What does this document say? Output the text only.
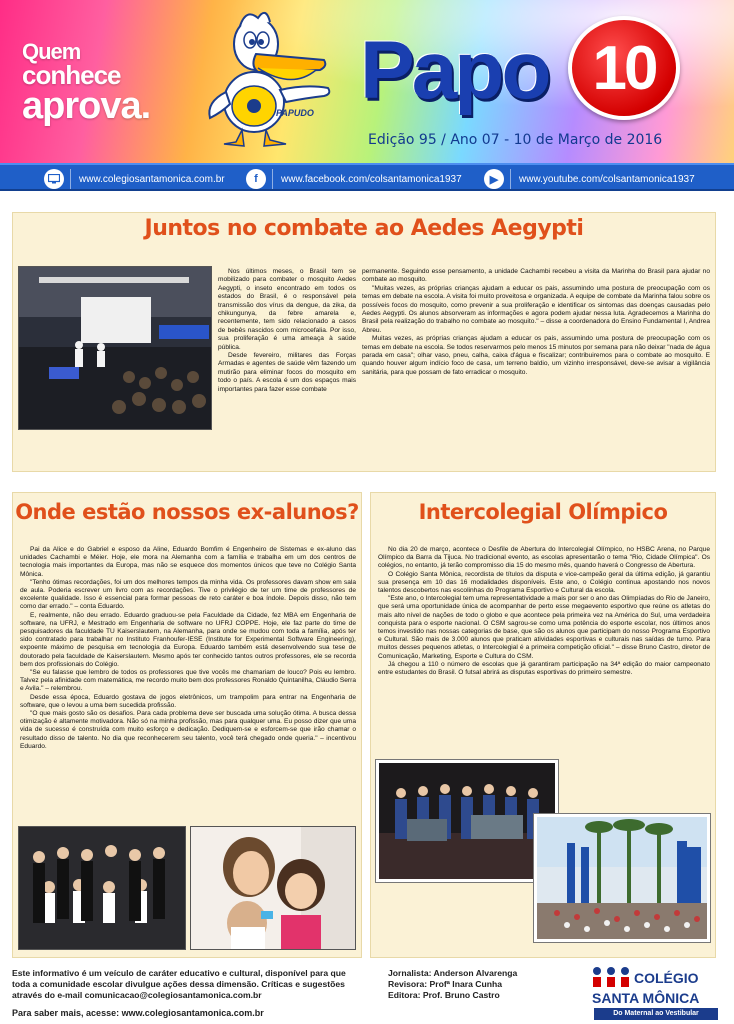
Quem
conhece
aprova.	PAPUDO Papo 10
Edição 95 / Ano 07 - 10 de Março de 2016
www.colegiosantamonica.com.br	f	www.facebook.com/colsantamonica1937	▶	www.youtube.com/colsantamonica1937
Juntos no combate ao Aedes Aegypti

Nos últimos meses, o Brasil tem se mobilizado para combater o mosquito Aedes Aegypti, o inseto encontrado em todos os estados do Brasil, é o responsável pela transmissão dos vírus da dengue, da zika, da chikungunya, da febre amarela e, recentemente, tem sido relacionado a casos de bebês nascidos com microcefalia. Por isso, sua proliferação é uma ameaça à saúde pública.

Desde fevereiro, militares das Forças Armadas e agentes de saúde vêm fazendo um mutirão para eliminar focos do mosquito em todo o país. A escola é um dos espaços mais importantes para fazer esse combate

permanente. Seguindo esse pensamento, a unidade Cachambi recebeu a visita da Marinha do Brasil para ajudar no combate ao mosquito.

"Muitas vezes, as próprias crianças ajudam a educar os pais, assumindo uma postura de preocupação com os temas em debate na escola. A visita foi muito proveitosa e organizada. A equipe de combate da Marinha falou sobre os possíveis focos do mosquito, como prevenir a sua proliferação e identificar os sintomas das doenças causadas pelo Aedes Aegypti. Os alunos absorveram as informações e agora podem ajudar nessa luta. Agradecemos a Marinha do Brasil pela realização do trabalho no combate ao mosquito." – disse a coordenadora do Ensino Fundamental I, Andrea Abreu.

Muitas vezes, as próprias crianças ajudam a educar os pais, assumindo uma postura de preocupação com os temas em debate na escola. Se todos reservarmos pelo menos 15 minutos por semana para não deixar "nada de água parada em casa"; olhar vaso, pneu, calha, caixa d'água e fiscalizar; contribuiremos para o combate ao mosquito. E quando houver algum indício foco de casa, um terreno baldio, um vizinho irresponsável, deve-se avisar a vigilância sanitária, para que possam de fato erradicar o mosquito.

Onde estão nossos ex-alunos?

Pai da Alice e do Gabriel e esposo da Aline, Eduardo Bomfim é Engenheiro de Sistemas e ex-aluno das unidades Cachambi e Méier. Hoje, ele mora na Alemanha com a família e trabalha em um dos centros de tecnologia mais importantes da Europa, mas não se esquece dos momentos únicos que teve no Colégio Santa Mônica.

"Tenho ótimas recordações, foi um dos melhores tempos da minha vida. Os professores davam show em sala de aula. Poderia escrever um livro com as recordações. Tive o privilégio de ter um time de professores de excelente qualidade. Isso é essencial para formar pessoas de reto caráter e boa índole. Depois disso, não tem como dar errado." – conta Eduardo.

E, realmente, não deu errado. Eduardo graduou-se pela Faculdade da Cidade, fez MBA em Engenharia de software, na UFRJ, e Mestrado em Engenharia de software no UFRJ COPPE. Hoje, ele faz parte do time de pesquisadores da faculdade TU Kaiserslautern, na Alemanha, para onde se mudou com toda a família, após ter sido contratado para trabalhar no Instituto Franhoufer-IESE (Institute for Experimental Software Engineering), expoente máximo de pesquisa em tecnologia da Europa. Eduardo também está desenvolvendo sua tese de doutorado pela faculdade de Kaiserslautern. Mesmo após ter conhecido tantos outros professores, ele se recorda bem dos profissionais do Colégio.

"Se eu falasse que lembro de todos os professores que tive vocês me chamariam de louco? Pois eu lembro. Talvez pela afinidade com matemática, me recordo muito bem dos professores Ronaldo Quintanilha, Cláudio Serra e Avila." – relembrou.

Desde essa época, Eduardo gostava de jogos eletrônicos, um trampolim para entrar na Engenharia de software, que o levou a uma bem sucedida profissão.

"O que mais gosto são os desafios. Para cada problema deve ser buscada uma solução ótima. A busca dessa otimização é altamente motivadora. Não só na minha profissão, mas para qualquer uma. Eu posso dizer que uma vida de sucesso é construída com muito esforço e dedicação. Dediquem-se e esforcem-se que irão chamar o resultado disso de talento. No dia que reconhecerem seu talento, você terá chegado onde queria." – incentivou Eduardo.

Intercolegial Olímpico

No dia 20 de março, acontece o Desfile de Abertura do Intercolegial Olímpico, no HSBC Arena, no Parque Olímpico da Barra da Tijuca. No tradicional evento, as escolas apresentarão o tema "Rio, Cidade Olímpica". Os colégios, no entanto, já terão compromisso dia 15 do mesmo mês, quando haverá o Congresso de Abertura.

O Colégio Santa Mônica, recordista de títulos da disputa e vice-campeão geral da última edição, já garantiu sua presença em 10 das 16 modalidades disponíveis. Este ano, o Colégio continua apostando nos novos talentos descobertos nas escolinhas do Programa Esportivo e Cultural da escola.

"Este ano, o Intercolegial tem uma representatividade a mais por ser o ano das Olimpíadas do Rio de Janeiro, que será uma oportunidade única de acompanhar de perto esse megaevento esportivo que reúne os atletas do mais alto nível de nações de todo o globo e que acontece pela primeira vez na América do Sul, uma verdadeira conquista para o esporte nacional. O CSM sagrou-se como uma potência do esporte escolar, nos últimos anos temos investido nas nossas categorias de base, que são os alunos que participam do nosso Programa Esportivo e Cultural. São mais de 3.000 alunos que praticam atividades esportivas e culturais nas saídas de turno. Para muitos desses pequenos atletas, o Intercolegial é a primeira competição oficial." – disse Bruno Castro, diretor de Comunicação, Marketing, Esporte e Cultura do CSM.

Já chegou a 110 o número de escolas que já garantiram participação na 34ª edição do maior campeonato entre estudantes do Brasil. O futsal abrirá as disputas esportivas do primeiro semestre.

Este informativo é um veículo de caráter educativo e cultural, disponível para que toda a comunidade escolar divulgue ações dessa dimensão. Críticas e sugestões através do e-mail comunicacao@colegiosantamonica.com.br
Para saber mais, acesse: www.colegiosantamonica.com.br
Jornalista: Anderson Alvarenga
Revisora: Profª Inara Cunha
Editora: Prof. Bruno Castro
COLÉGIO
SANTA MÔNICA
Do Maternal ao Vestibular
